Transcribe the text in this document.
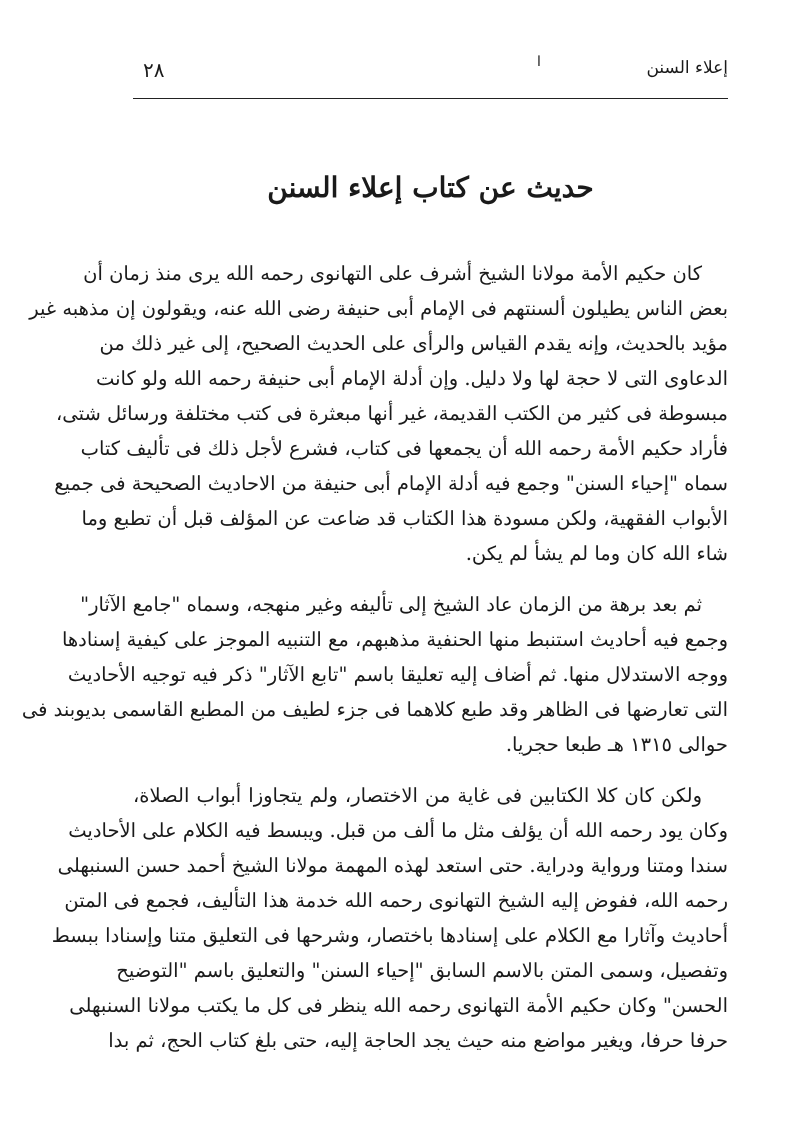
إعلاء السنن
ا
٢٨
حديث عن كتاب إعلاء السنن
كان حكيم الأمة مولانا الشيخ أشرف على التهانوى رحمه الله يرى منذ زمان أن
بعض الناس يطيلون ألسنتهم فى الإمام أبى حنيفة رضى الله عنه، ويقولون إن مذهبه غير
مؤيد بالحديث، وإنه يقدم القياس والرأى على الحديث الصحيح، إلى غير ذلك من
الدعاوى التى لا حجة لها ولا دليل. وإن أدلة الإمام أبى حنيفة رحمه الله ولو كانت
مبسوطة فى كثير من الكتب القديمة، غير أنها مبعثرة فى كتب مختلفة ورسائل شتى،
فأراد حكيم الأمة رحمه الله أن يجمعها فى كتاب، فشرع لأجل ذلك فى تأليف كتاب
سماه "إحياء السنن" وجمع فيه أدلة الإمام أبى حنيفة من الاحاديث الصحيحة فى جميع
الأبواب الفقهية، ولكن مسودة هذا الكتاب قد ضاعت عن المؤلف قبل أن تطبع وما
شاء الله كان وما لم يشأ لم يكن.
ثم بعد برهة من الزمان عاد الشيخ إلى تأليفه وغير منهجه، وسماه "جامع الآثار"
وجمع فيه أحاديث استنبط منها الحنفية مذهبهم، مع التنبيه الموجز على كيفية إسنادها
ووجه الاستدلال منها. ثم أضاف إليه تعليقا باسم "تابع الآثار" ذكر فيه توجيه الأحاديث
التى تعارضها فى الظاهر وقد طبع كلاهما فى جزء لطيف من المطبع القاسمى بديوبند فى
حوالى ١٣١٥ هـ طبعا حجريا.
ولكن كان كلا الكتابين فى غاية من الاختصار، ولم يتجاوزا أبواب الصلاة،
وكان يود رحمه الله أن يؤلف مثل ما ألف من قبل. ويبسط فيه الكلام على الأحاديث
سندا ومتنا ورواية ودراية. حتى استعد لهذه المهمة مولانا الشيخ أحمد حسن السنبهلى
رحمه الله، ففوض إليه الشيخ التهانوى رحمه الله خدمة هذا التأليف، فجمع فى المتن
أحاديث وآثارا مع الكلام على إسنادها باختصار، وشرحها فى التعليق متنا وإسنادا ببسط
وتفصيل، وسمى المتن بالاسم السابق "إحياء السنن" والتعليق باسم "التوضيح
الحسن" وكان حكيم الأمة التهانوى رحمه الله ينظر فى كل ما يكتب مولانا السنبهلى
حرفا حرفا، ويغير مواضع منه حيث يجد الحاجة إليه، حتى بلغ كتاب الحج، ثم بدا
